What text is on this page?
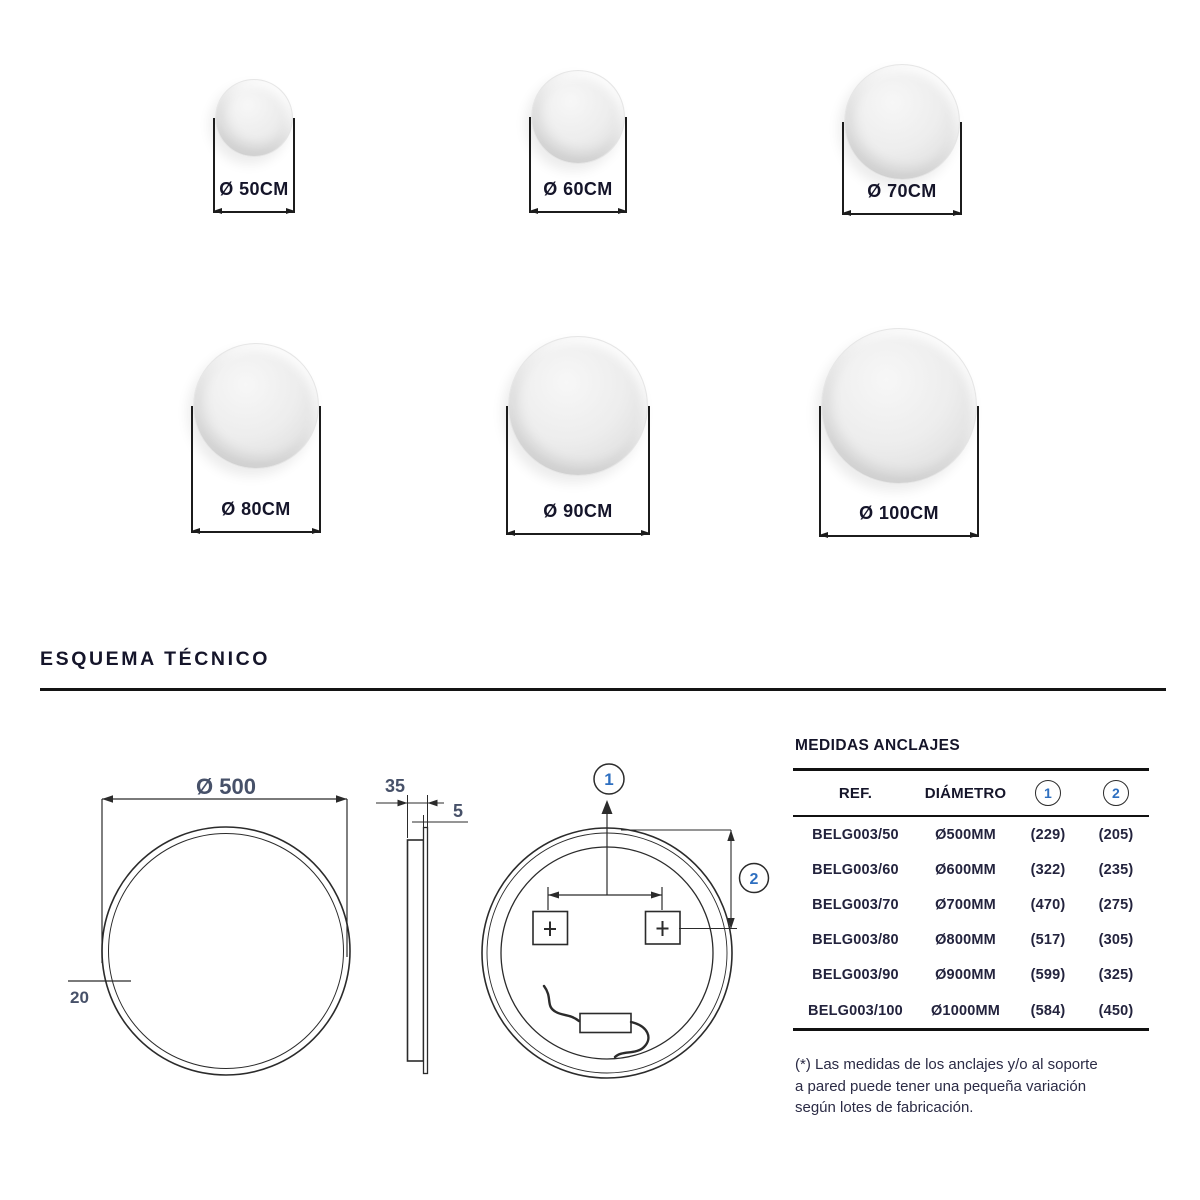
Ø 50CM	Ø 60CM	Ø 70CM
Ø 80CM	Ø 90CM	Ø 100CM
ESQUEMA TÉCNICO
Ø 500
20
35
5
1
2
MEDIDAS ANCLAJES
REF.	DIÁMETRO	1	2
BELG003/50	Ø500MM	(229)	(205)
BELG003/60	Ø600MM	(322)	(235)
BELG003/70	Ø700MM	(470)	(275)
BELG003/80	Ø800MM	(517)	(305)
BELG003/90	Ø900MM	(599)	(325)
BELG003/100	Ø1000MM	(584)	(450)

(*) Las medidas de los anclajes y/o al soporte
a pared puede tener una pequeña variación
según lotes de fabricación.
